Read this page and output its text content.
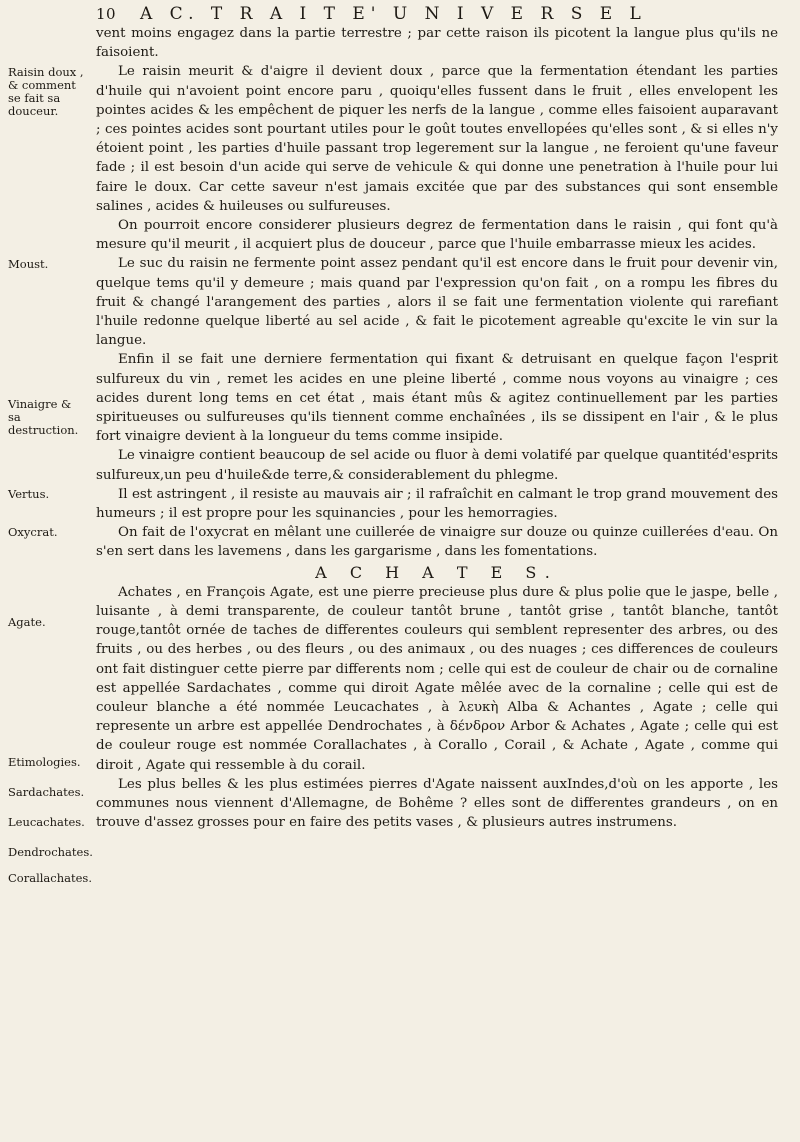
10	A C. T R A I T E' U N I V E R S E L
Raisin doux , & comment se fait sa douceur.
Moust.
Vinaigre & sa destruction.
Vertus.
Oxycrat.
Agate.
Etimologies.
Sardachates.
Leucachates.
Dendrochates.
Corallachates.

vent moins engagez dans la partie terrestre ; par cette raison ils picotent la langue plus qu'ils ne faisoient.

Le raisin meurit & d'aigre il devient doux , parce que la fermentation étendant les parties d'huile qui n'avoient point encore paru , quoiqu'elles fussent dans le fruit , elles envelopent les pointes acides & les empêchent de piquer les nerfs de la langue , comme elles faisoient auparavant ; ces pointes acides sont pourtant utiles pour le goût toutes envellopées qu'elles sont , & si elles n'y étoient point , les parties d'huile passant trop legerement sur la langue , ne feroient qu'une faveur fade ; il est besoin d'un acide qui serve de vehicule & qui donne une penetration à l'huile pour lui faire le doux. Car cette saveur n'est jamais excitée que par des substances qui sont ensemble salines , acides & huileuses ou sulfureuses.

On pourroit encore considerer plusieurs degrez de fermentation dans le raisin , qui font qu'à mesure qu'il meurit , il acquiert plus de douceur , parce que l'huile embarrasse mieux les acides.

Le suc du raisin ne fermente point assez pendant qu'il est encore dans le fruit pour devenir vin, quelque tems qu'il y demeure ; mais quand par l'expression qu'on fait , on a rompu les fibres du fruit & changé l'arangement des parties , alors il se fait une fermentation violente qui rarefiant l'huile redonne quelque liberté au sel acide , & fait le picotement agreable qu'excite le vin sur la langue.

Enfin il se fait une derniere fermentation qui fixant & detruisant en quelque façon l'esprit sulfureux du vin , remet les acides en une pleine liberté , comme nous voyons au vinaigre ; ces acides durent long tems en cet état , mais étant mûs & agitez continuellement par les parties spiritueuses ou sulfureuses qu'ils tiennent comme enchaînées , ils se dissipent en l'air , & le plus fort vinaigre devient à la longueur du tems comme insipide.

Le vinaigre contient beaucoup de sel acide ou fluor à demi volatifé par quelque quantitéd'esprits sulfureux,un peu d'huile&de terre,& considerablement du phlegme.

Il est astringent , il resiste au mauvais air ; il rafraîchit en calmant le trop grand mouvement des humeurs ; il est propre pour les squinancies , pour les hemorragies.

On fait de l'oxycrat en mêlant une cuillerée de vinaigre sur douze ou quinze cuillerées d'eau. On s'en sert dans les lavemens , dans les gargarisme , dans les fomentations.

A C H A T E S.

Achates , en François Agate, est une pierre precieuse plus dure & plus polie que le jaspe, belle , luisante , à demi transparente, de couleur tantôt brune , tantôt grise , tantôt blanche, tantôt rouge,tantôt ornée de taches de differentes couleurs qui semblent representer des arbres, ou des fruits , ou des herbes , ou des fleurs , ou des animaux , ou des nuages ; ces differences de couleurs ont fait distinguer cette pierre par differents nom ; celle qui est de couleur de chair ou de cornaline est appellée Sardachates , comme qui diroit Agate mêlée avec de la cornaline ; celle qui est de couleur blanche a été nommée Leucachates , à λευκὴ Alba & Achantes , Agate ; celle qui represente un arbre est appellée Dendrochates , à δένδρον Arbor & Achates , Agate ; celle qui est de couleur rouge est nommée Corallachates , à Corallo , Corail , & Achate , Agate , comme qui diroit , Agate qui ressemble à du corail.

Les plus belles & les plus estimées pierres d'Agate naissent auxIndes,d'où on les apporte , les communes nous viennent d'Allemagne, de Bohême ? elles sont de differentes grandeurs , on en trouve d'assez grosses pour en faire des petits vases , & plusieurs autres instrumens.
